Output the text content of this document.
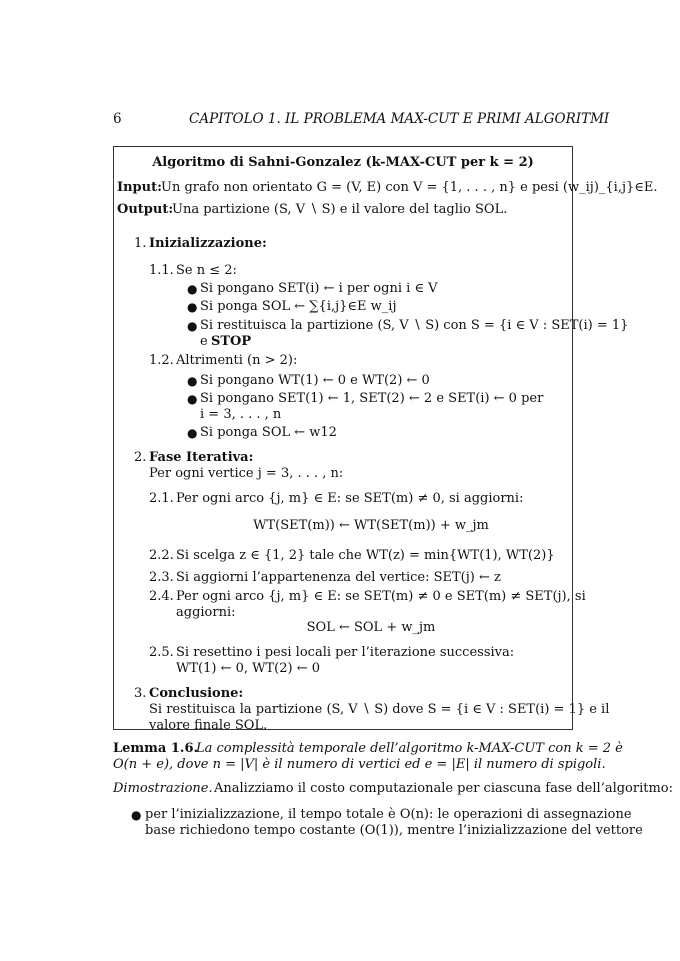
6	CAPITOLO 1. IL PROBLEMA MAX-CUT E PRIMI ALGORITMI
Algoritmo di Sahni-Gonzalez (k-MAX-CUT per k = 2)
Input: Un grafo non orientato G = (V, E) con V = {1, . . . , n} e pesi (w_ij)_{i,j}∈E.
Output:
Una partizione (S, V ∖ S) e il valore del taglio SOL.
1. Inizializzazione:
1.1. Se n ≤ 2:
● Si pongano SET(i) ← i per ogni i ∈ V
● Si ponga SOL ← ∑{i,j}∈E w_ij
● Si restituisca la partizione (S, V ∖ S) con S = {i ∈ V : SET(i) = 1}
e STOP
1.2. Altrimenti (n > 2):
● Si pongano WT(1) ← 0 e WT(2) ← 0
● Si pongano SET(1) ← 1, SET(2) ← 2 e SET(i) ← 0 per
i = 3, . . . , n
● Si ponga SOL ← w12
2. Fase Iterativa:
Per ogni vertice j = 3, . . . , n:
2.1. Per ogni arco {j, m} ∈ E: se SET(m) ≠ 0, si aggiorni:
WT(SET(m)) ← WT(SET(m)) + w_jm
2.2. Si scelga z ∈ {1, 2} tale che WT(z) = min{WT(1), WT(2)}
2.3. Si aggiorni l’appartenenza del vertice: SET(j) ← z
2.4. Per ogni arco {j, m} ∈ E: se SET(m) ≠ 0 e SET(m) ≠ SET(j), si
aggiorni:
SOL ← SOL + w_jm
2.5. Si resettino i pesi locali per l’iterazione successiva:
WT(1) ← 0, WT(2) ← 0
3. Conclusione:
Si restituisca la partizione (S, V ∖ S) dove S = {i ∈ V : SET(i) = 1} e il
valore finale SOL.
Lemma 1.6.
La complessità temporale dell’algoritmo k-MAX-CUT con k = 2 è
O(n + e), dove n = |V| è il numero di vertici ed e = |E| il numero di spigoli.
Dimostrazione. Analizziamo il costo computazionale per ciascuna fase dell’algoritmo:
● per l’inizializzazione, il tempo totale è O(n): le operazioni di assegnazione
base richiedono tempo costante (O(1)), mentre l’inizializzazione del vettore
